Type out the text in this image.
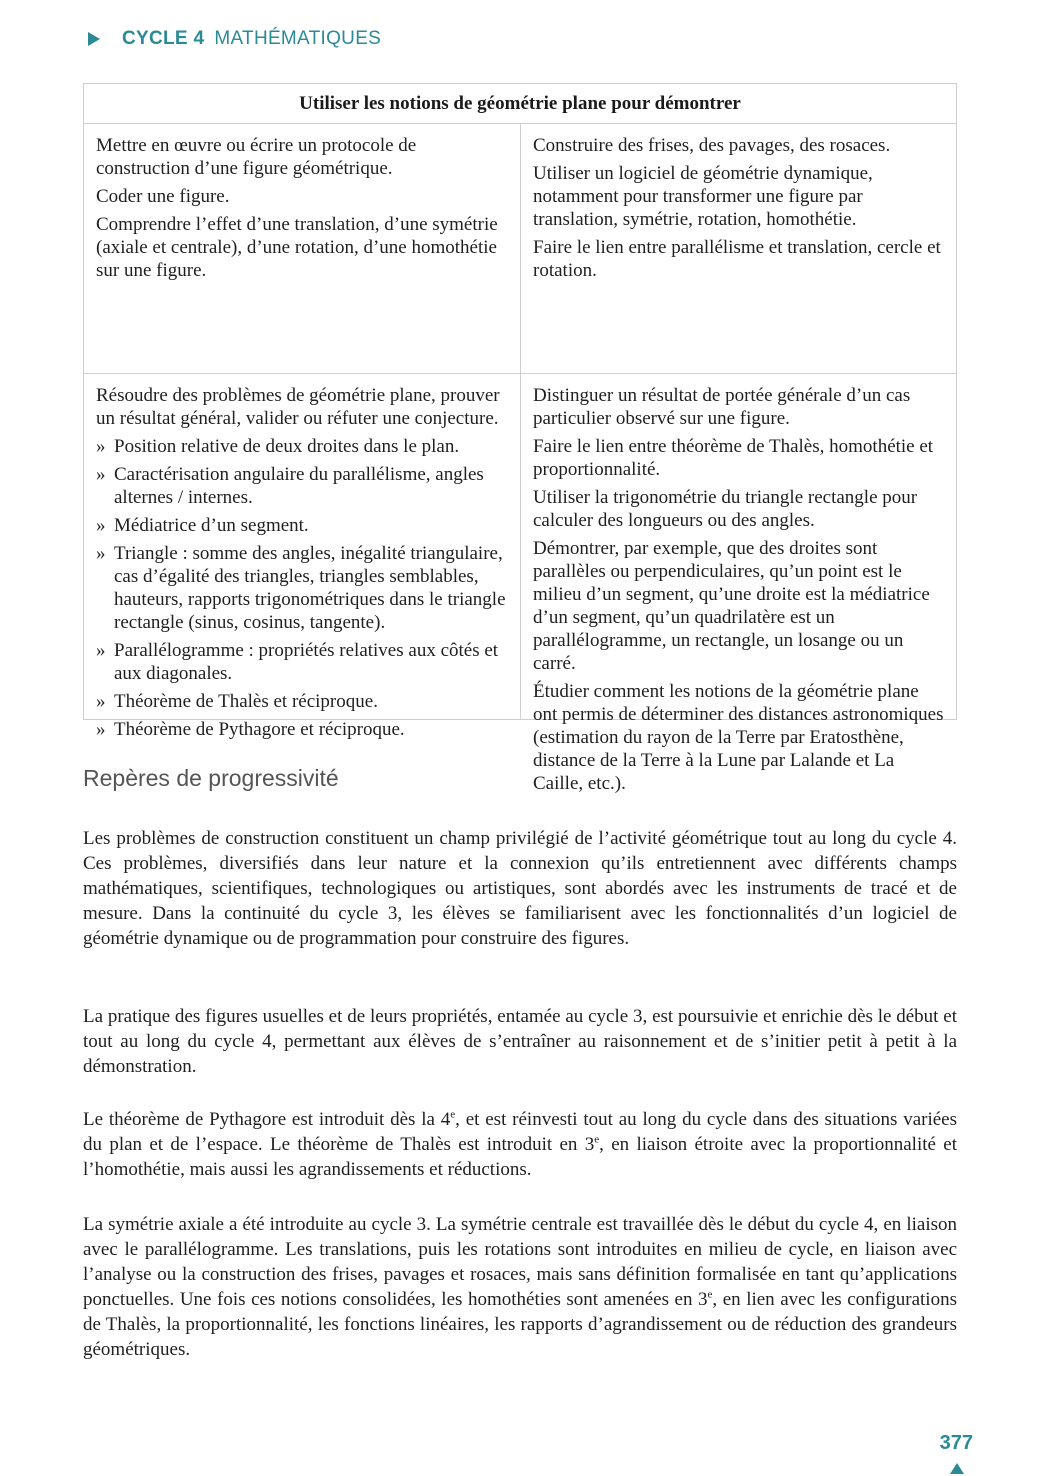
CYCLE 4 MATHÉMATIQUES
Utiliser les notions de géométrie plane pour démontrer

Mettre en œuvre ou écrire un protocole de construction d’une figure géométrique.

Coder une figure.

Comprendre l’effet d’une translation, d’une symétrie (axiale et centrale), d’une rotation, d’une homothétie sur une figure.

Construire des frises, des pavages, des rosaces.

Utiliser un logiciel de géométrie dynamique, notamment pour transformer une figure par translation, symétrie, rotation, homothétie.

Faire le lien entre parallélisme et translation, cercle et rotation.

Résoudre des problèmes de géométrie plane, prouver un résultat général, valider ou réfuter une conjecture.

» Position relative de deux droites dans le plan.
» Caractérisation angulaire du parallélisme, angles alternes / internes.
» Médiatrice d’un segment.
» Triangle : somme des angles, inégalité triangulaire, cas d’égalité des triangles, triangles semblables, hauteurs, rapports trigonométriques dans le triangle rectangle (sinus, cosinus, tangente).
» Parallélogramme : propriétés relatives aux côtés et aux diagonales.
» Théorème de Thalès et réciproque.
» Théorème de Pythagore et réciproque.

Distinguer un résultat de portée générale d’un cas particulier observé sur une figure.

Faire le lien entre théorème de Thalès, homothétie et proportionnalité.

Utiliser la trigonométrie du triangle rectangle pour calculer des longueurs ou des angles.

Démontrer, par exemple, que des droites sont parallèles ou perpendiculaires, qu’un point est le milieu d’un segment, qu’une droite est la médiatrice d’un segment, qu’un quadrilatère est un parallélogramme, un rectangle, un losange ou un carré.

Étudier comment les notions de la géométrie plane ont permis de déterminer des distances astronomiques (estimation du rayon de la Terre par Eratosthène, distance de la Terre à la Lune par Lalande et La Caille, etc.).

Repères de progressivité

Les problèmes de construction constituent un champ privilégié de l’activité géométrique tout au long du cycle 4. Ces problèmes, diversifiés dans leur nature et la connexion qu’ils entretiennent avec différents champs mathématiques, scientifiques, technologiques ou artistiques, sont abordés avec les instruments de tracé et de mesure. Dans la continuité du cycle 3, les élèves se familiarisent avec les fonctionnalités d’un logiciel de géométrie dynamique ou de programmation pour construire des figures.

La pratique des figures usuelles et de leurs propriétés, entamée au cycle 3, est poursuivie et enrichie dès le début et tout au long du cycle 4, permettant aux élèves de s’entraîner au raisonnement et de s’initier petit à petit à la démonstration.

Le théorème de Pythagore est introduit dès la 4e, et est réinvesti tout au long du cycle dans des situations variées du plan et de l’espace. Le théorème de Thalès est introduit en 3e, en liaison étroite avec la proportionnalité et l’homothétie, mais aussi les agrandissements et réductions.

La symétrie axiale a été introduite au cycle 3. La symétrie centrale est travaillée dès le début du cycle 4, en liaison avec le parallélogramme. Les translations, puis les rotations sont introduites en milieu de cycle, en liaison avec l’analyse ou la construction des frises, pavages et rosaces, mais sans définition formalisée en tant qu’applications ponctuelles. Une fois ces notions consolidées, les homothéties sont amenées en 3e, en lien avec les configurations de Thalès, la proportionnalité, les fonctions linéaires, les rapports d’agrandissement ou de réduction des grandeurs géométriques.

377
